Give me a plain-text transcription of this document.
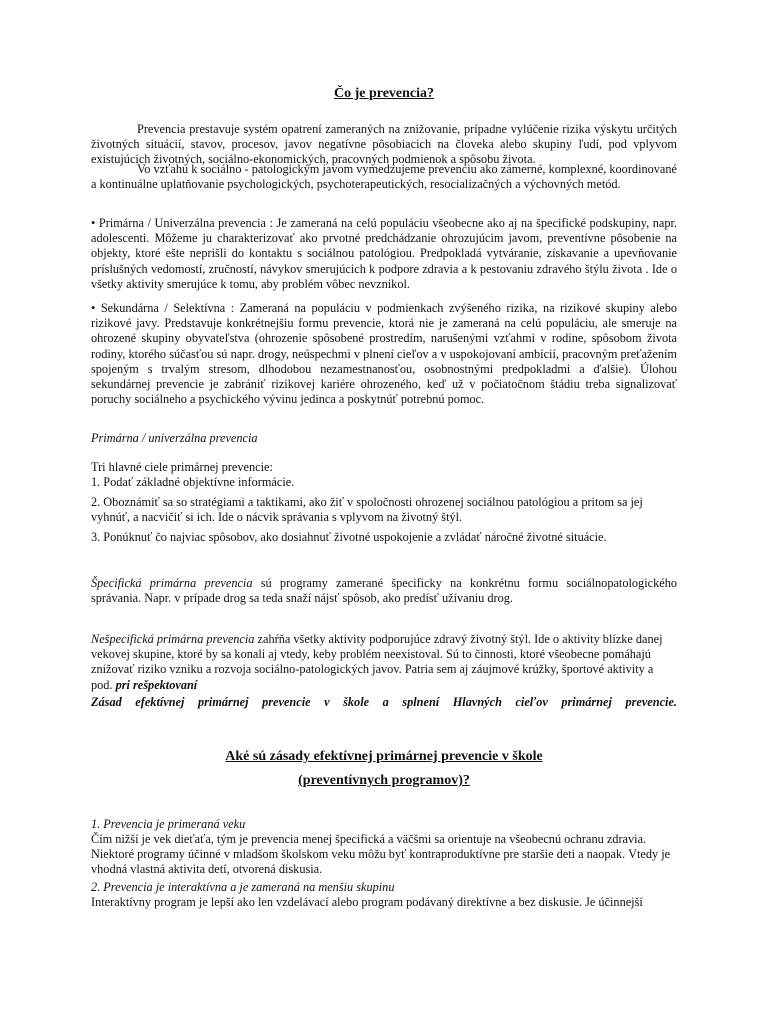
Čo je prevencia?

Prevencia prestavuje systém opatrení zameraných na znižovanie, prípadne vylúčenie rizika výskytu určitých životných situácií, stavov, procesov, javov negatívne pôsobiacich na človeka alebo skupiny ľudí, pod vplyvom existujúcich životných, sociálno-ekonomických, pracovných podmienok a spôsobu života.

Vo vzťahu k sociálno - patologickým javom vymedzujeme prevenciu ako zámerné, komplexné, koordinované a kontinuálne uplatňovanie psychologických, psychoterapeutických, resocializačných a výchovných metód.

• Primárna / Univerzálna prevencia : Je zameraná na celú populáciu všeobecne ako aj na špecifické podskupiny, napr. adolescenti. Môžeme ju charakterizovať ako prvotné predchádzanie ohrozujúcim javom, preventívne pôsobenie na objekty, ktoré ešte neprišli do kontaktu s sociálnou patológiou. Predpokladá vytváranie, získavanie a upevňovanie príslušných vedomostí, zručností, návykov smerujúcich k podpore zdravia a k pestovaniu zdravého štýlu života . Ide o všetky aktivity smerujúce k tomu, aby problém vôbec nevznikol.

• Sekundárna / Selektívna : Zameraná na populáciu v podmienkach zvýšeného rizika, na rizikové skupiny alebo rizikové javy. Predstavuje konkrétnejšiu formu prevencie, ktorá nie je zameraná na celú populáciu, ale smeruje na ohrozené skupiny obyvateľstva (ohrozenie spôsobené prostredím, narušenými vzťahmi v rodine, spôsobom života rodiny, ktorého súčasťou sú napr. drogy, neúspechmi v plnení cieľov a v uspokojovaní ambícií, pracovným preťažením spojeným s trvalým stresom, dlhodobou nezamestnanosťou, osobnostnými predpokladmi a ďalšie). Úlohou sekundárnej prevencie je zabrániť rizikovej kariére ohrozeného, keď už v počiatočnom štádiu treba signalizovať poruchy sociálneho a psychického vývinu jedinca a poskytnúť potrebnú pomoc.

Primárna / univerzálna prevencia

Tri hlavné ciele primárnej prevencie:

1. Podať základné objektívne informácie.

2. Oboznámiť sa so stratégiami a taktikami, ako žiť v spoločnosti ohrozenej sociálnou patológiou a pritom sa jej vyhnúť, a nacvičiť si ich. Ide o nácvik správania s vplyvom na životný štýl.

3. Ponúknuť čo najviac spôsobov, ako dosiahnuť životné uspokojenie a zvládať náročné životné situácie.

Špecifická primárna prevencia sú programy zamerané špecificky na konkrétnu formu sociálnopatologického správania. Napr. v prípade drog sa teda snaží nájsť spôsob, ako predísť užívaniu drog.

Nešpecifická primárna prevencia zahŕňa všetky aktivity podporujúce zdravý životný štýl. Ide o aktivity blízke danej vekovej skupine, ktoré by sa konali aj vtedy, keby problém neexistoval. Sú to činnosti, ktoré všeobecne pomáhajú znižovať riziko vzniku a rozvoja sociálno-patologických javov. Patria sem aj záujmové krúžky, športové aktivity a pod. pri rešpektovaní

Zásad efektívnej primárnej prevencie v škole a splnení Hlavných cieľov primárnej prevencie.

Aké sú zásady efektívnej primárnej prevencie v škole

(preventívnych programov)?

1. Prevencia je primeraná veku

Čím nižší je vek dieťaťa, tým je prevencia menej špecifická a väčšmi sa orientuje na všeobecnú ochranu zdravia. Niektoré programy účinné v mladšom školskom veku môžu byť kontraproduktívne pre staršie deti a naopak. Vtedy je vhodná vlastná aktivita detí, otvorená diskusia.

2. Prevencia je interaktívna a je zameraná na menšiu skupinu

Interaktívny program je lepší ako len vzdelávací alebo program podávaný direktívne a bez diskusie. Je účinnejší
